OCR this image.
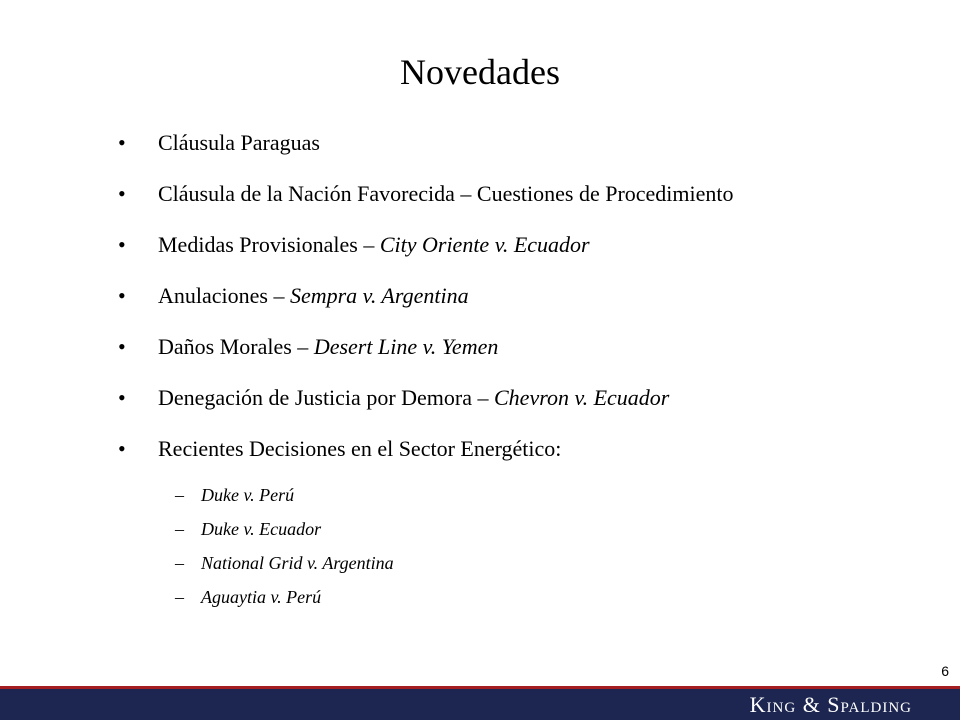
Novedades
•	Cláusula Paraguas
•	Cláusula de la Nación Favorecida – Cuestiones de Procedimiento
•	Medidas Provisionales – City Oriente v. Ecuador
•	Anulaciones – Sempra v. Argentina
•	Daños Morales – Desert Line v. Yemen
•	Denegación de Justicia por Demora – Chevron v. Ecuador
•	Recientes Decisiones en el Sector Energético:
– Duke v. Perú
– Duke v. Ecuador
– National Grid v. Argentina
– Aguaytia v. Perú
6
King & Spalding
